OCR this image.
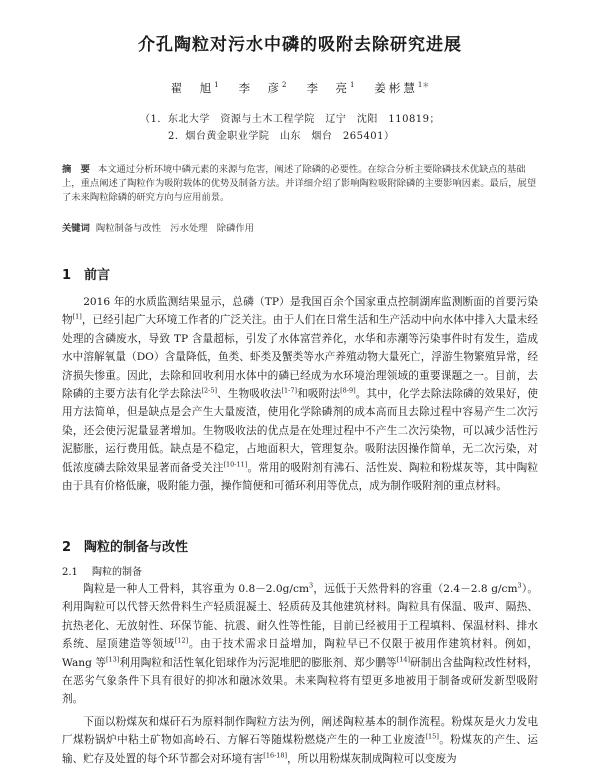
介孔陶粒对污水中磷的吸附去除研究进展
翟　旭$^1$ 李　彦$^2$ 李　亮$^1$ 姜彬慧$^{1*}$
（1．东北大学　资源与土木工程学院　辽宁　沈阳　110819；
2．烟台黄金职业学院　山东　烟台　265401）
摘　要 本文通过分析环境中磷元素的来源与危害，阐述了除磷的必要性。在综合分析主要除磷技术优缺点的基础上，重点阐述了陶粒作为吸附载体的优势及制备方法。并详细介绍了影响陶粒吸附除磷的主要影响因素。最后，展望了未来陶粒除磷的研究方向与应用前景。
关键词 陶粒制备与改性　污水处理　除磷作用
1 前言
2016 年的水质监测结果显示，总磷（TP）是我国百余个国家重点控制湖库监测断面的首要污染物[1]，已经引起广大环境工作者的广泛关注。由于人们在日常生活和生产活动中向水体中排入大量未经处理的含磷废水，导致 TP 含量超标，引发了水体富营养化，水华和赤潮等污染事件时有发生，造成水中溶解氧量（DO）含量降低，鱼类、虾类及蟹类等水产养殖动物大量死亡，浮游生物繁殖异常，经济损失惨重。因此，去除和回收利用水体中的磷已经成为水环境治理领域的重要课题之一。目前，去除磷的主要方法有化学去除法[2-5]、生物吸收法[1-7]和吸附法[8-9]。其中，化学去除法除磷的效果好，使用方法简单，但是缺点是会产生大量废渣，使用化学除磷剂的成本高而且去除过程中容易产生二次污染，还会使污泥量显著增加。生物吸收法的优点是在处理过程中不产生二次污染物，可以减少活性污泥膨胀，运行费用低。缺点是不稳定，占地面积大，管理复杂。吸附法因操作简单，无二次污染，对低浓度磷去除效果显著而备受关注[10-11]。常用的吸附剂有沸石、活性炭、陶粒和粉煤灰等，其中陶粒由于具有价格低廉，吸附能力强，操作简便和可循环利用等优点，成为制作吸附剂的重点材料。
2 陶粒的制备与改性
2.1 陶粒的制备
陶粒是一种人工骨料，其容重为 $0.8-2.0g/cm^3$，远低于天然骨料的容重（2.4－2.8 $g/cm^3$）。利用陶粒可以代替天然骨料生产轻质混凝土、轻质砖及其他建筑材料。陶粒具有保温、吸声、隔热、抗热老化、无放射性、环保节能、抗震、耐久性等性能，目前已经被用于工程填料、保温材料、排水系统、屋顶建造等领域[12]。由于技术需求日益增加，陶粒早已不仅限于被用作建筑材料。例如，Wang 等[13]利用陶粒和活性氧化铝球作为污泥堆肥的膨胀剂、郑少鹏等[14]研制出含盐陶粒改性材料，在恶劣气象条件下具有很好的抑冰和融冰效果。未来陶粒将有望更多地被用于制备或研发新型吸附剂。
下面以粉煤灰和煤矸石为原料制作陶粒方法为例，阐述陶粒基本的制作流程。粉煤灰是火力发电厂煤粉锅炉中粘土矿物如高岭石、方解石等随煤粉燃烧产生的一种工业废渣[15]。粉煤灰的产生、运输、贮存及处置的每个环节都会对环境有害[16-18]，所以用粉煤灰制成陶粒可以变废为
